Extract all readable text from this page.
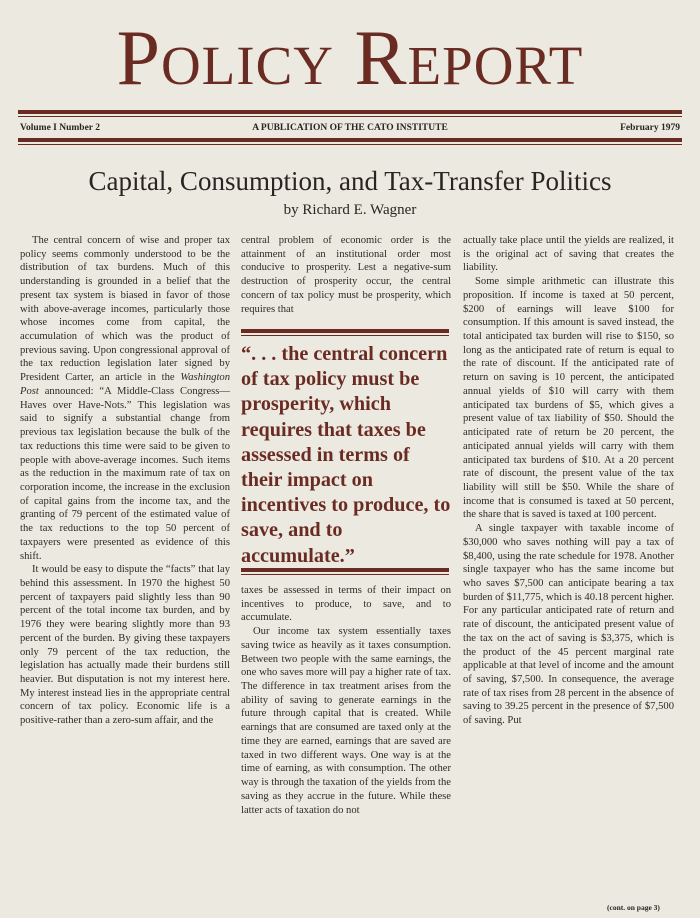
Policy Report
Volume I Number 2	A PUBLICATION OF THE CATO INSTITUTE	February 1979
Capital, Consumption, and Tax-Transfer Politics
by Richard E. Wagner

The central concern of wise and proper tax policy seems commonly understood to be the distribution of tax burdens. Much of this understanding is grounded in a belief that the present tax system is biased in favor of those with above-average incomes, particularly those whose incomes come from capital, the accumulation of which was the product of previous saving. Upon congressional approval of the tax reduction legislation later signed by President Carter, an article in the Washington Post announced: “A Middle-Class Congress—Haves over Have-Nots.” This legislation was said to signify a substantial change from previous tax legislation because the bulk of the tax reductions this time were said to be given to people with above-average incomes. Such items as the reduction in the maximum rate of tax on corporation income, the increase in the exclusion of capital gains from the income tax, and the granting of 79 percent of the estimated value of the tax reductions to the top 50 percent of taxpayers were presented as evidence of this shift.

It would be easy to dispute the “facts” that lay behind this assessment. In 1970 the highest 50 percent of taxpayers paid slightly less than 90 percent of the total income tax burden, and by 1976 they were bearing slightly more than 93 percent of the burden. By giving these taxpayers only 79 percent of the tax reduction, the legislation has actually made their burdens still heavier. But disputation is not my interest here. My interest instead lies in the appropriate central concern of tax policy. Economic life is a positive-rather than a zero-sum affair, and the

central problem of economic order is the attainment of an institutional order most conducive to prosperity. Lest a negative-sum destruction of prosperity occur, the central concern of tax policy must be prosperity, which requires that

“. . . the central concern of tax policy must be prosperity, which requires that taxes be assessed in terms of their impact on incentives to produce, to save, and to accumulate.”

taxes be assessed in terms of their impact on incentives to produce, to save, and to accumulate.

Our income tax system essentially taxes saving twice as heavily as it taxes consumption. Between two people with the same earnings, the one who saves more will pay a higher rate of tax. The difference in tax treatment arises from the ability of saving to generate earnings in the future through capital that is created. While earnings that are consumed are taxed only at the time they are earned, earnings that are saved are taxed in two different ways. One way is at the time of earning, as with consumption. The other way is through the taxation of the yields from the saving as they accrue in the future. While these latter acts of taxation do not

actually take place until the yields are realized, it is the original act of saving that creates the liability.

Some simple arithmetic can illustrate this proposition. If income is taxed at 50 percent, $200 of earnings will leave $100 for consumption. If this amount is saved instead, the total anticipated tax burden will rise to $150, so long as the anticipated rate of return is equal to the rate of discount. If the anticipated rate of return on saving is 10 percent, the anticipated annual yields of $10 will carry with them anticipated tax burdens of $5, which gives a present value of tax liability of $50. Should the anticipated rate of return be 20 percent, the anticipated annual yields will carry with them anticipated tax burdens of $10. At a 20 percent rate of discount, the present value of the tax liability will still be $50. While the share of income that is consumed is taxed at 50 percent, the share that is saved is taxed at 100 percent.

A single taxpayer with taxable income of $30,000 who saves nothing will pay a tax of $8,400, using the rate schedule for 1978. Another single taxpayer who has the same income but who saves $7,500 can anticipate bearing a tax burden of $11,775, which is 40.18 percent higher. For any particular anticipated rate of return and rate of discount, the anticipated present value of the tax on the act of saving is $3,375, which is the product of the 45 percent marginal rate applicable at that level of income and the amount of saving, $7,500. In consequence, the average rate of tax rises from 28 percent in the absence of saving to 39.25 percent in the presence of $7,500 of saving. Put

(cont. on page 3)
